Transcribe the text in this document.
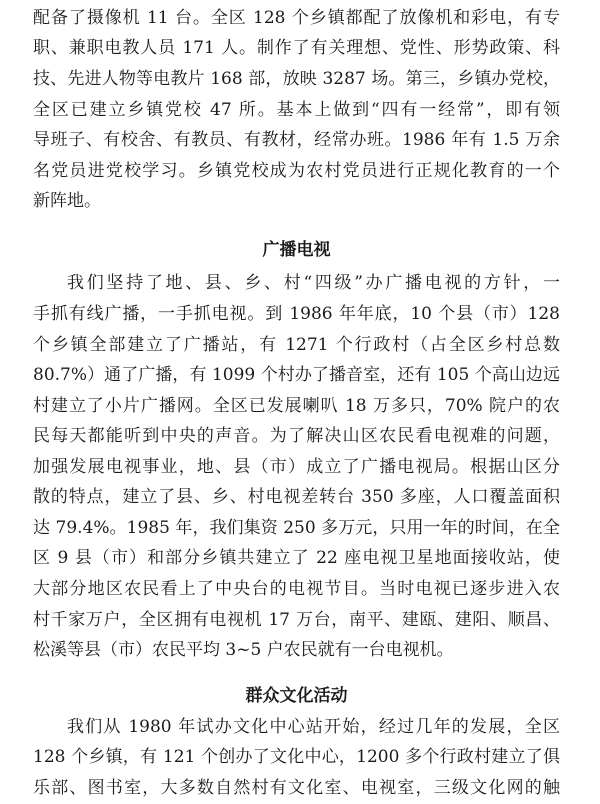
配备了摄像机 11 台。全区 128 个乡镇都配了放像机和彩电，有专
职、兼职电教人员 171 人。制作了有关理想、党性、形势政策、科
技、先进人物等电教片 168 部，放映 3287 场。第三，乡镇办党校，
全区已建立乡镇党校 47 所。基本上做到“四有一经常”，即有领
导班子、有校舍、有教员、有教材，经常办班。1986 年有 1.5 万余
名党员进党校学习。乡镇党校成为农村党员进行正规化教育的一个
新阵地。
广播电视
我们坚持了地、县、乡、村“四级”办广播电视的方针，一
手抓有线广播，一手抓电视。到 1986 年年底，10 个县（市）128
个乡镇全部建立了广播站，有 1271 个行政村（占全区乡村总数
80.7%）通了广播，有 1099 个村办了播音室，还有 105 个高山边远
村建立了小片广播网。全区已发展喇叭 18 万多只，70% 院户的农
民每天都能听到中央的声音。为了解决山区农民看电视难的问题，
加强发展电视事业，地、县（市）成立了广播电视局。根据山区分
散的特点，建立了县、乡、村电视差转台 350 多座，人口覆盖面积
达 79.4%。1985 年，我们集资 250 多万元，只用一年的时间，在全
区 9 县（市）和部分乡镇共建立了 22 座电视卫星地面接收站，使
大部分地区农民看上了中央台的电视节目。当时电视已逐步进入农
村千家万户，全区拥有电视机 17 万台，南平、建瓯、建阳、顺昌、
松溪等县（市）农民平均 3~5 户农民就有一台电视机。
群众文化活动
我们从 1980 年试办文化中心站开始，经过几年的发展，全区
128 个乡镇，有 121 个创办了文化中心，1200 多个行政村建立了俱
乐部、图书室，大多数自然村有文化室、电视室，三级文化网的触
